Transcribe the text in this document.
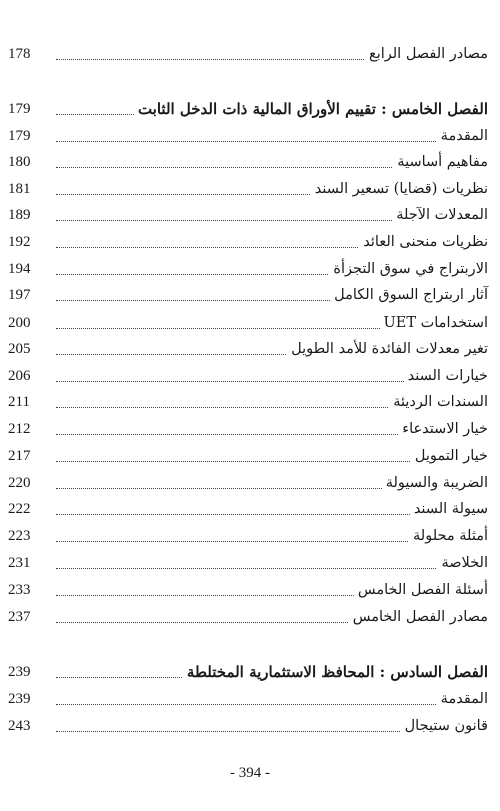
178	مصادر الفصل الرابع
179	الفصل الخامس : تقييم الأوراق المالية ذات الدخل الثابت
179	المقدمة
180	مفاهيم أساسية
181	نظريات (قضايا) تسعير السند
189	المعدلات الآجلة
192	نظريات منحنى العائد
194	الاربتراج في سوق التجزأة
197	آثار اربتراج السوق الكامل
200	استخدامات UET
205	تغير معدلات الفائدة للأمد الطويل
206	خيارات السند
211	السندات الرديئة
212	خيار الاستدعاء
217	خيار التمويل
220	الضريبة والسيولة
222	سيولة السند
223	أمثلة محلولة
231	الخلاصة
233	أسئلة الفصل الخامس
237	مصادر الفصل الخامس
239	الفصل السادس : المحافظ الاستثمارية المختلطة
239	المقدمة
243	قانون ستيجال
- 394 -
